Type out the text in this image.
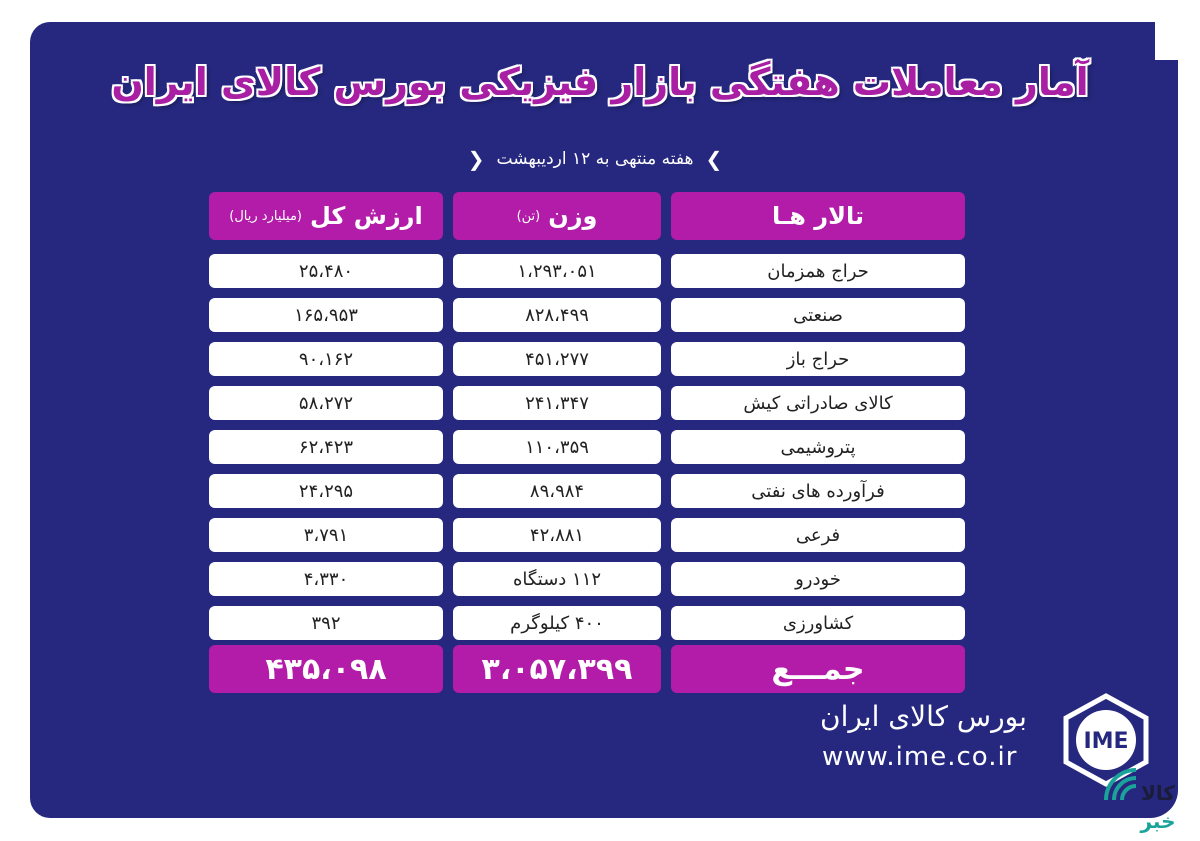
آمار معاملات هفتگی بازار فیزیکی بورس کالای ایران
❯
هفته منتهی به ۱۲ اردیبهشت
❮
تالار هـا
وزن
(تن)
ارزش کل
(میلیارد ریال)
حراج همزمان
۱،۲۹۳،۰۵۱
۲۵،۴۸۰
صنعتی
۸۲۸،۴۹۹
۱۶۵،۹۵۳
حراج باز
۴۵۱،۲۷۷
۹۰،۱۶۲
کالای صادراتی کیش
۲۴۱،۳۴۷
۵۸،۲۷۲
پتروشیمی
۱۱۰،۳۵۹
۶۲،۴۲۳
فرآورده های نفتی
۸۹،۹۸۴
۲۴،۲۹۵
فرعی
۴۲،۸۸۱
۳،۷۹۱
خودرو
۱۱۲ دستگاه
۴،۳۳۰
کشاورزی
۴۰۰ کیلوگرم
۳۹۲
جمـــع
۳،۰۵۷،۳۹۹
۴۳۵،۰۹۸
بورس کالای ایران
www.ime.co.ir
IME
کالا
خبر
